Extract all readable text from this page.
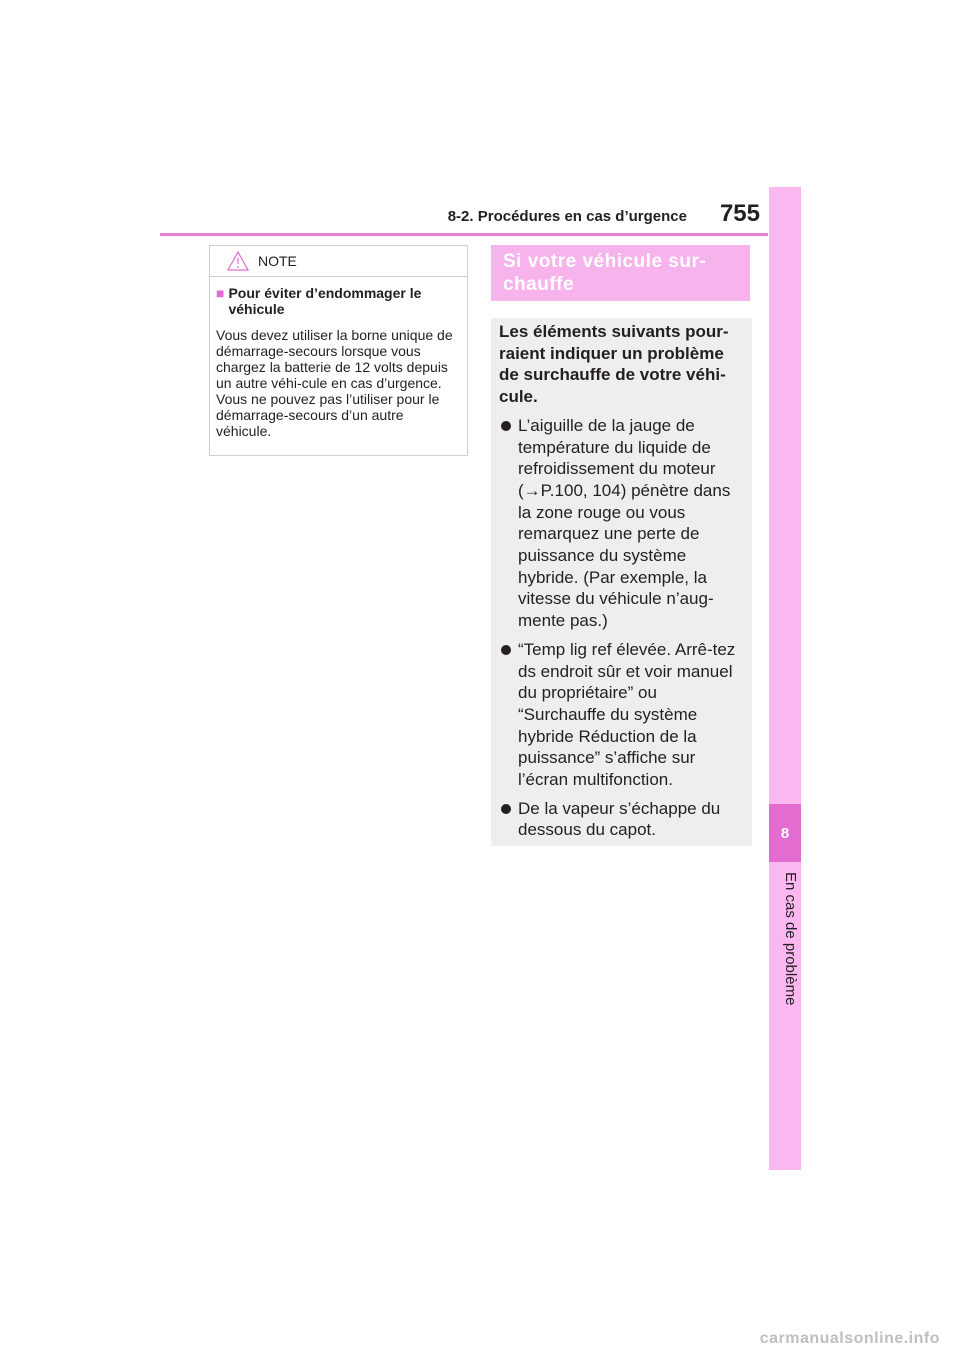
8-2. Procédures en cas d’urgence	755
8
En cas de problème
NOTE
■ Pour éviter d’endommager le véhicule
Vous devez utiliser la borne unique de démarrage-secours lorsque vous chargez la batterie de 12 volts depuis un autre véhi-cule en cas d’urgence. Vous ne pouvez pas l’utiliser pour le démarrage-secours d’un autre véhicule.
Si votre véhicule sur-chauffe
Les éléments suivants pour-raient indiquer un problème de surchauffe de votre véhi-cule.
L’aiguille de la jauge de température du liquide de refroidissement du moteur (→P.100, 104) pénètre dans la zone rouge ou vous remarquez une perte de puissance du système hybride. (Par exemple, la vitesse du véhicule n’aug-mente pas.)
“Temp lig ref élevée. Arrê-tez ds endroit sûr et voir manuel du propriétaire” ou “Surchauffe du système hybride Réduction de la puissance” s’affiche sur l’écran multifonction.
De la vapeur s’échappe du dessous du capot.
carmanualsonline.info
